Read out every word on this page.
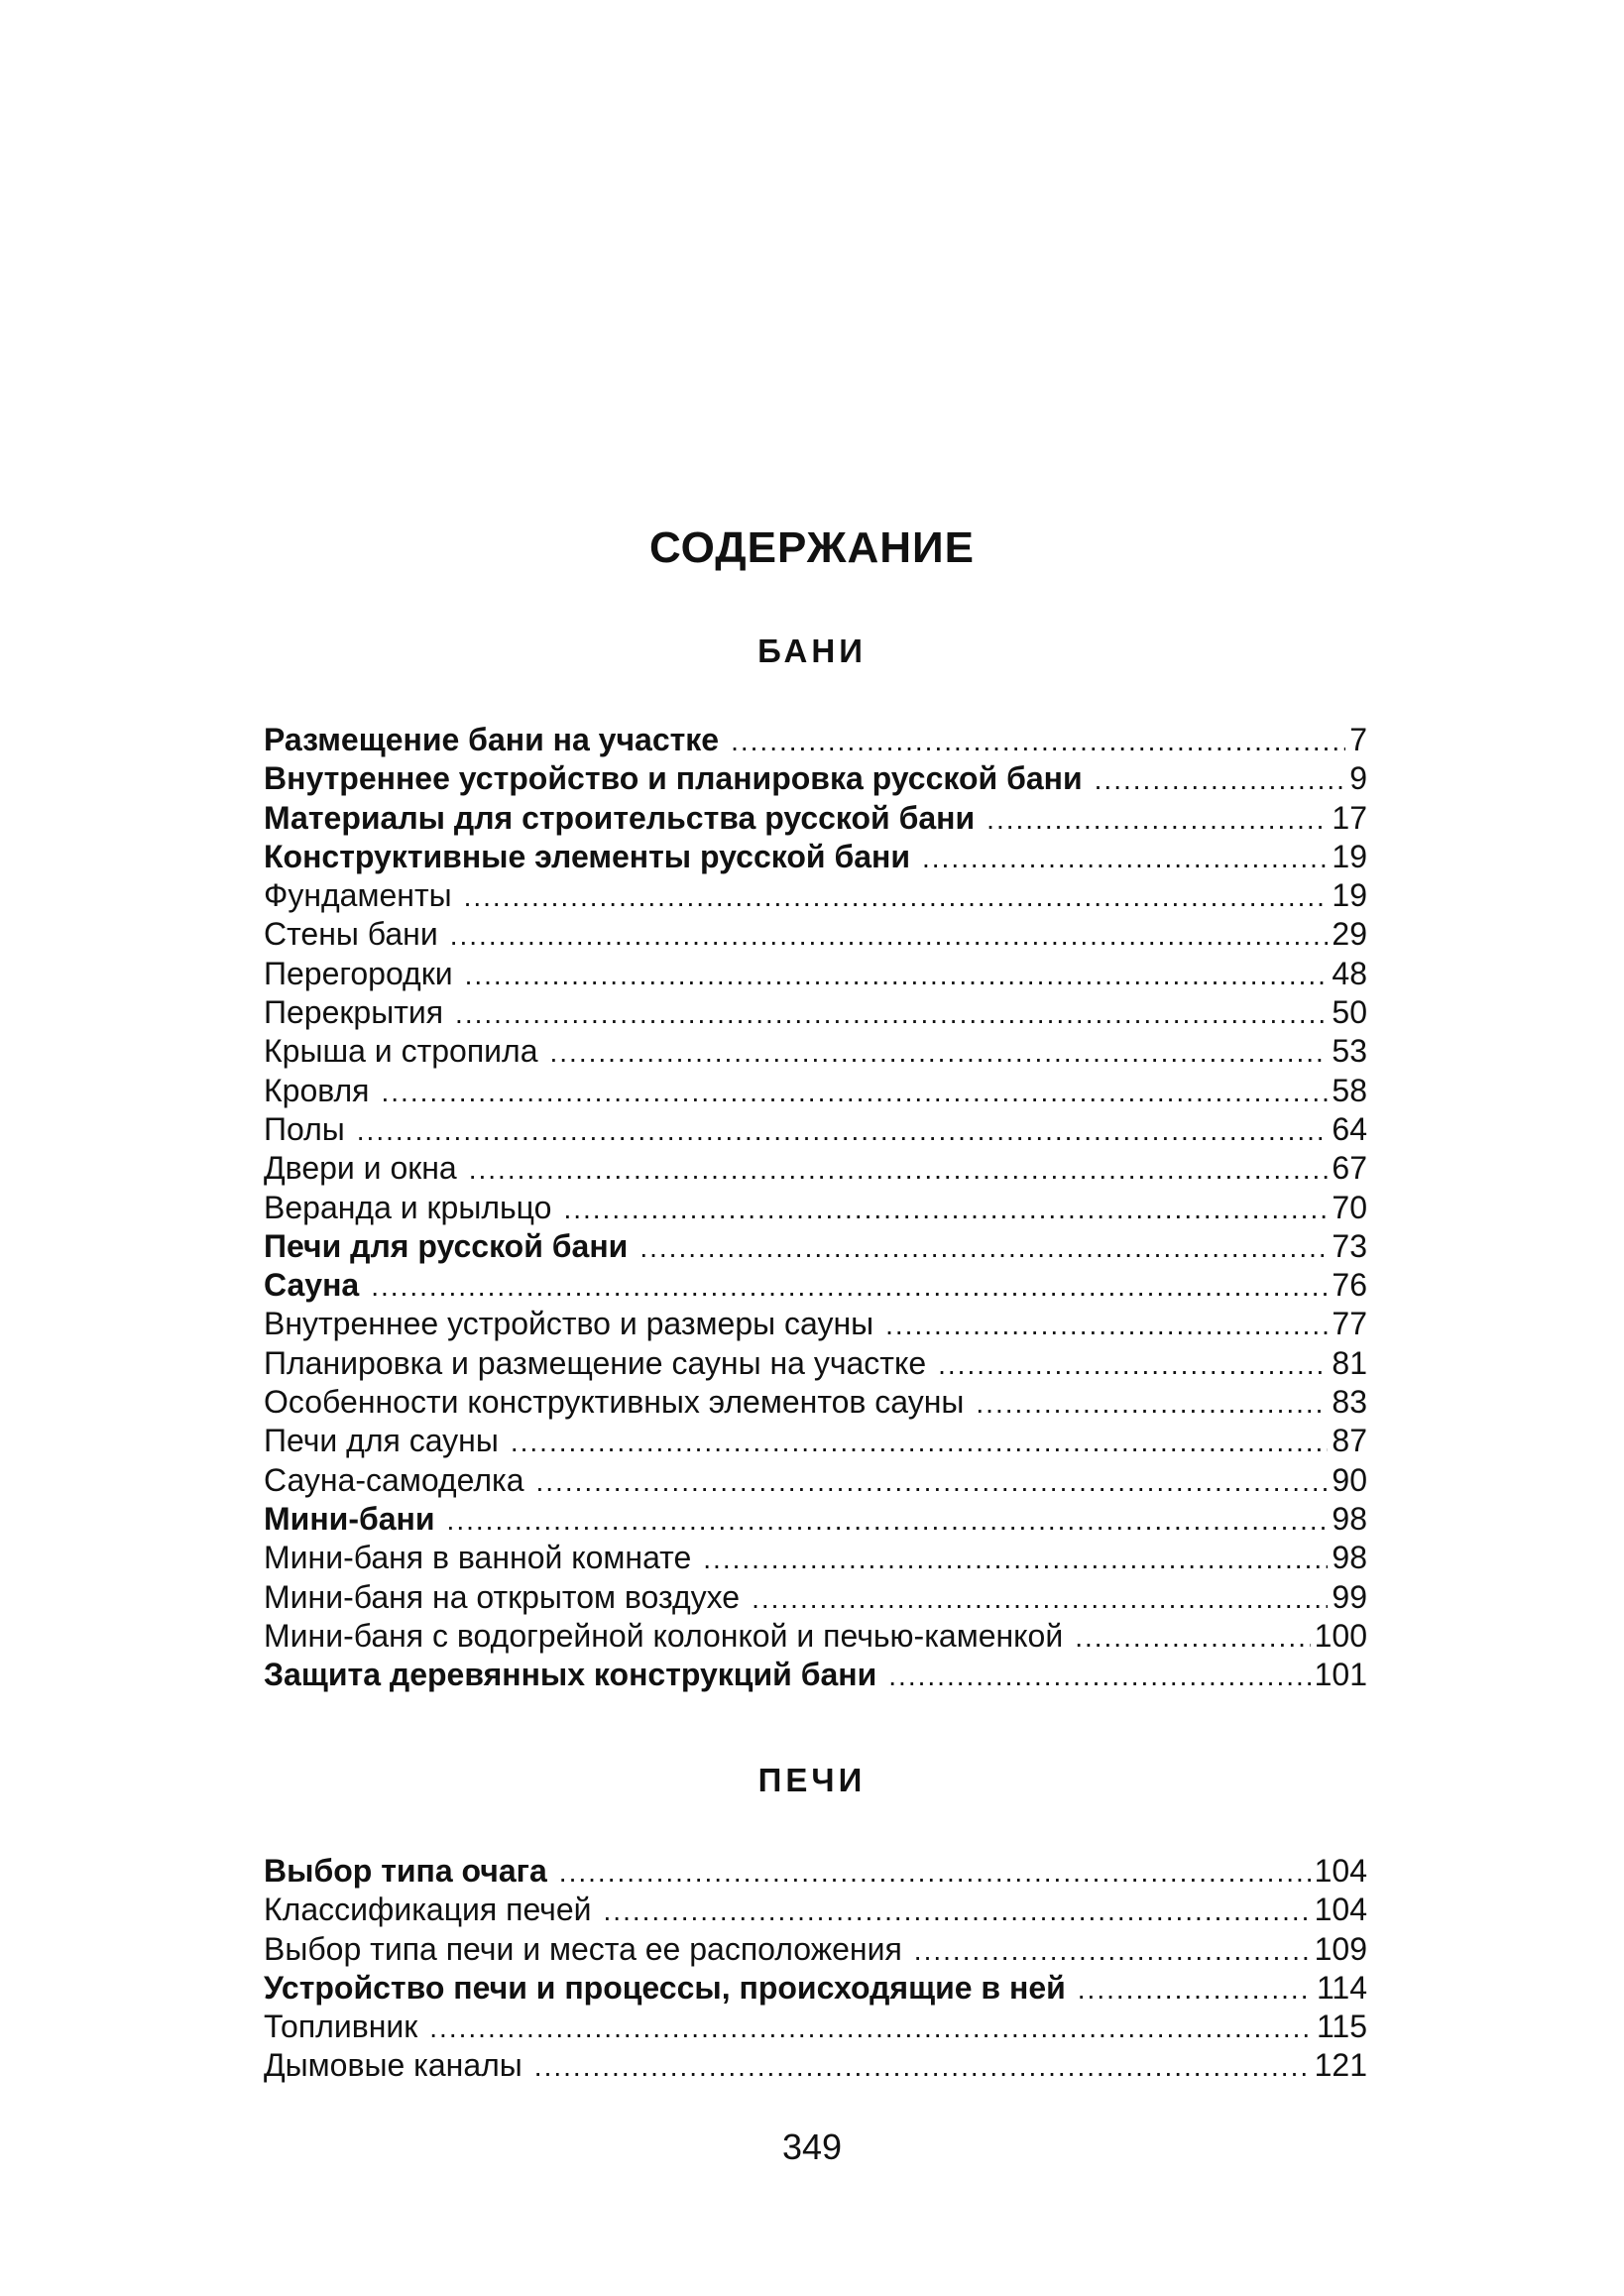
СОДЕРЖАНИЕ
БАНИ
Размещение бани на участке .....	7
Внутреннее устройство и планировка русской бани .....	9
Материалы для строительства русской бани .....	17
Конструктивные элементы русской бани .....	19
Фундаменты .....	19
Стены бани .....	29
Перегородки .....	48
Перекрытия .....	50
Крыша и стропила .....	53
Кровля .....	58
Полы .....	64
Двери и окна .....	67
Веранда и крыльцо .....	70
Печи для русской бани .....	73
Сауна .....	76
Внутреннее устройство и размеры сауны .....	77
Планировка и размещение сауны на участке .....	81
Особенности конструктивных элементов сауны .....	83
Печи для сауны .....	87
Сауна-самоделка .....	90
Мини-бани .....	98
Мини-баня в ванной комнате .....	98
Мини-баня на открытом воздухе .....	99
Мини-баня с водогрейной колонкой и печью-каменкой .....	100
Защита деревянных конструкций бани .....	101
ПЕЧИ
Выбор типа очага .....	104
Классификация печей .....	104
Выбор типа печи и места ее расположения .....	109
Устройство печи и процессы, происходящие в ней .....	114
Топливник .....	115
Дымовые каналы .....	121
349
